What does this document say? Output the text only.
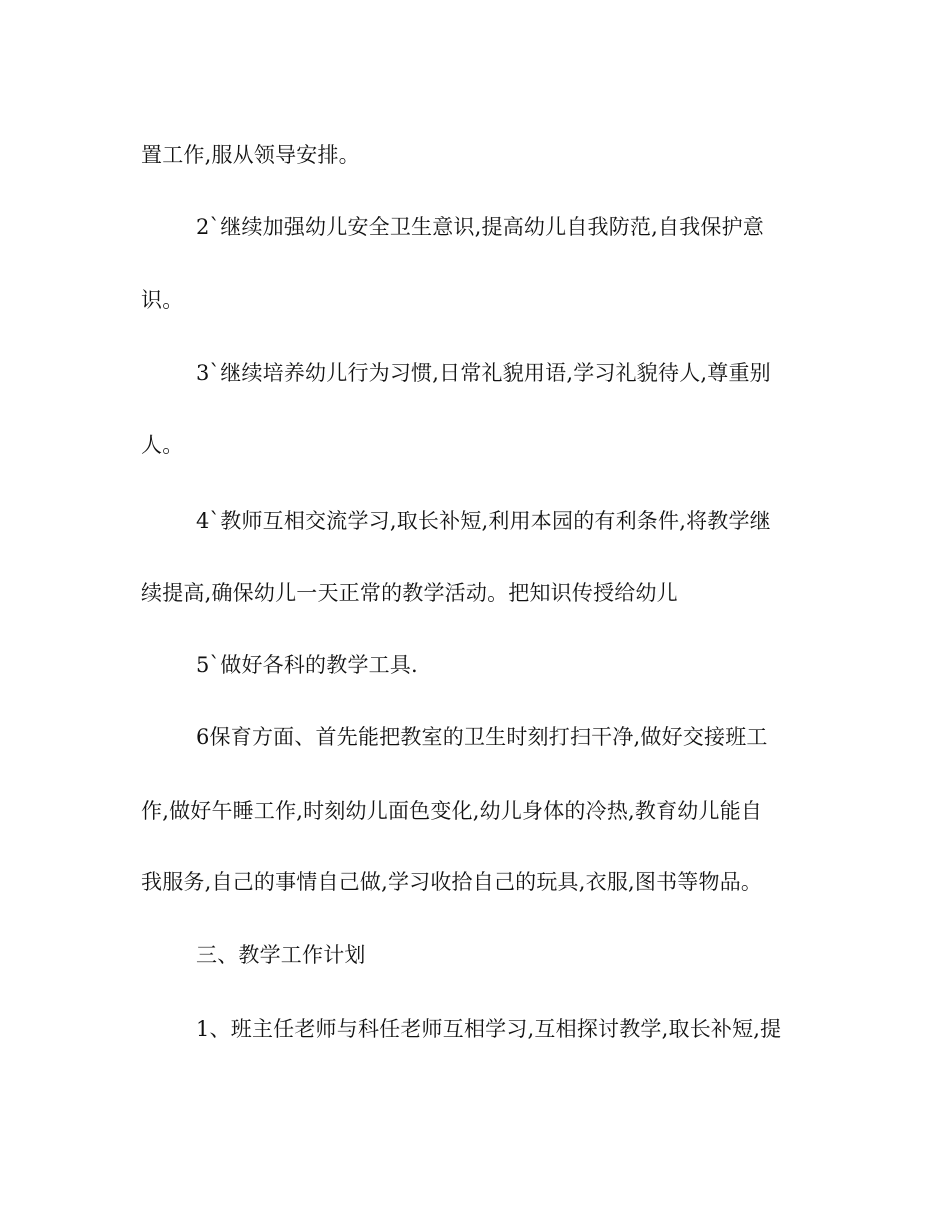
置工作,服从领导安排。
2`继续加强幼儿安全卫生意识,提高幼儿自我防范,自我保护意
识。
3`继续培养幼儿行为习惯,日常礼貌用语,学习礼貌待人,尊重别
人。
4`教师互相交流学习,取长补短,利用本园的有利条件,将教学继
续提高,确保幼儿一天正常的教学活动。把知识传授给幼儿
5`做好各科的教学工具.
6保育方面、首先能把教室的卫生时刻打扫干净,做好交接班工
作,做好午睡工作,时刻幼儿面色变化,幼儿身体的冷热,教育幼儿能自
我服务,自己的事情自己做,学习收拾自己的玩具,衣服,图书等物品。
三、教学工作计划
1、班主任老师与科任老师互相学习,互相探讨教学,取长补短,提
